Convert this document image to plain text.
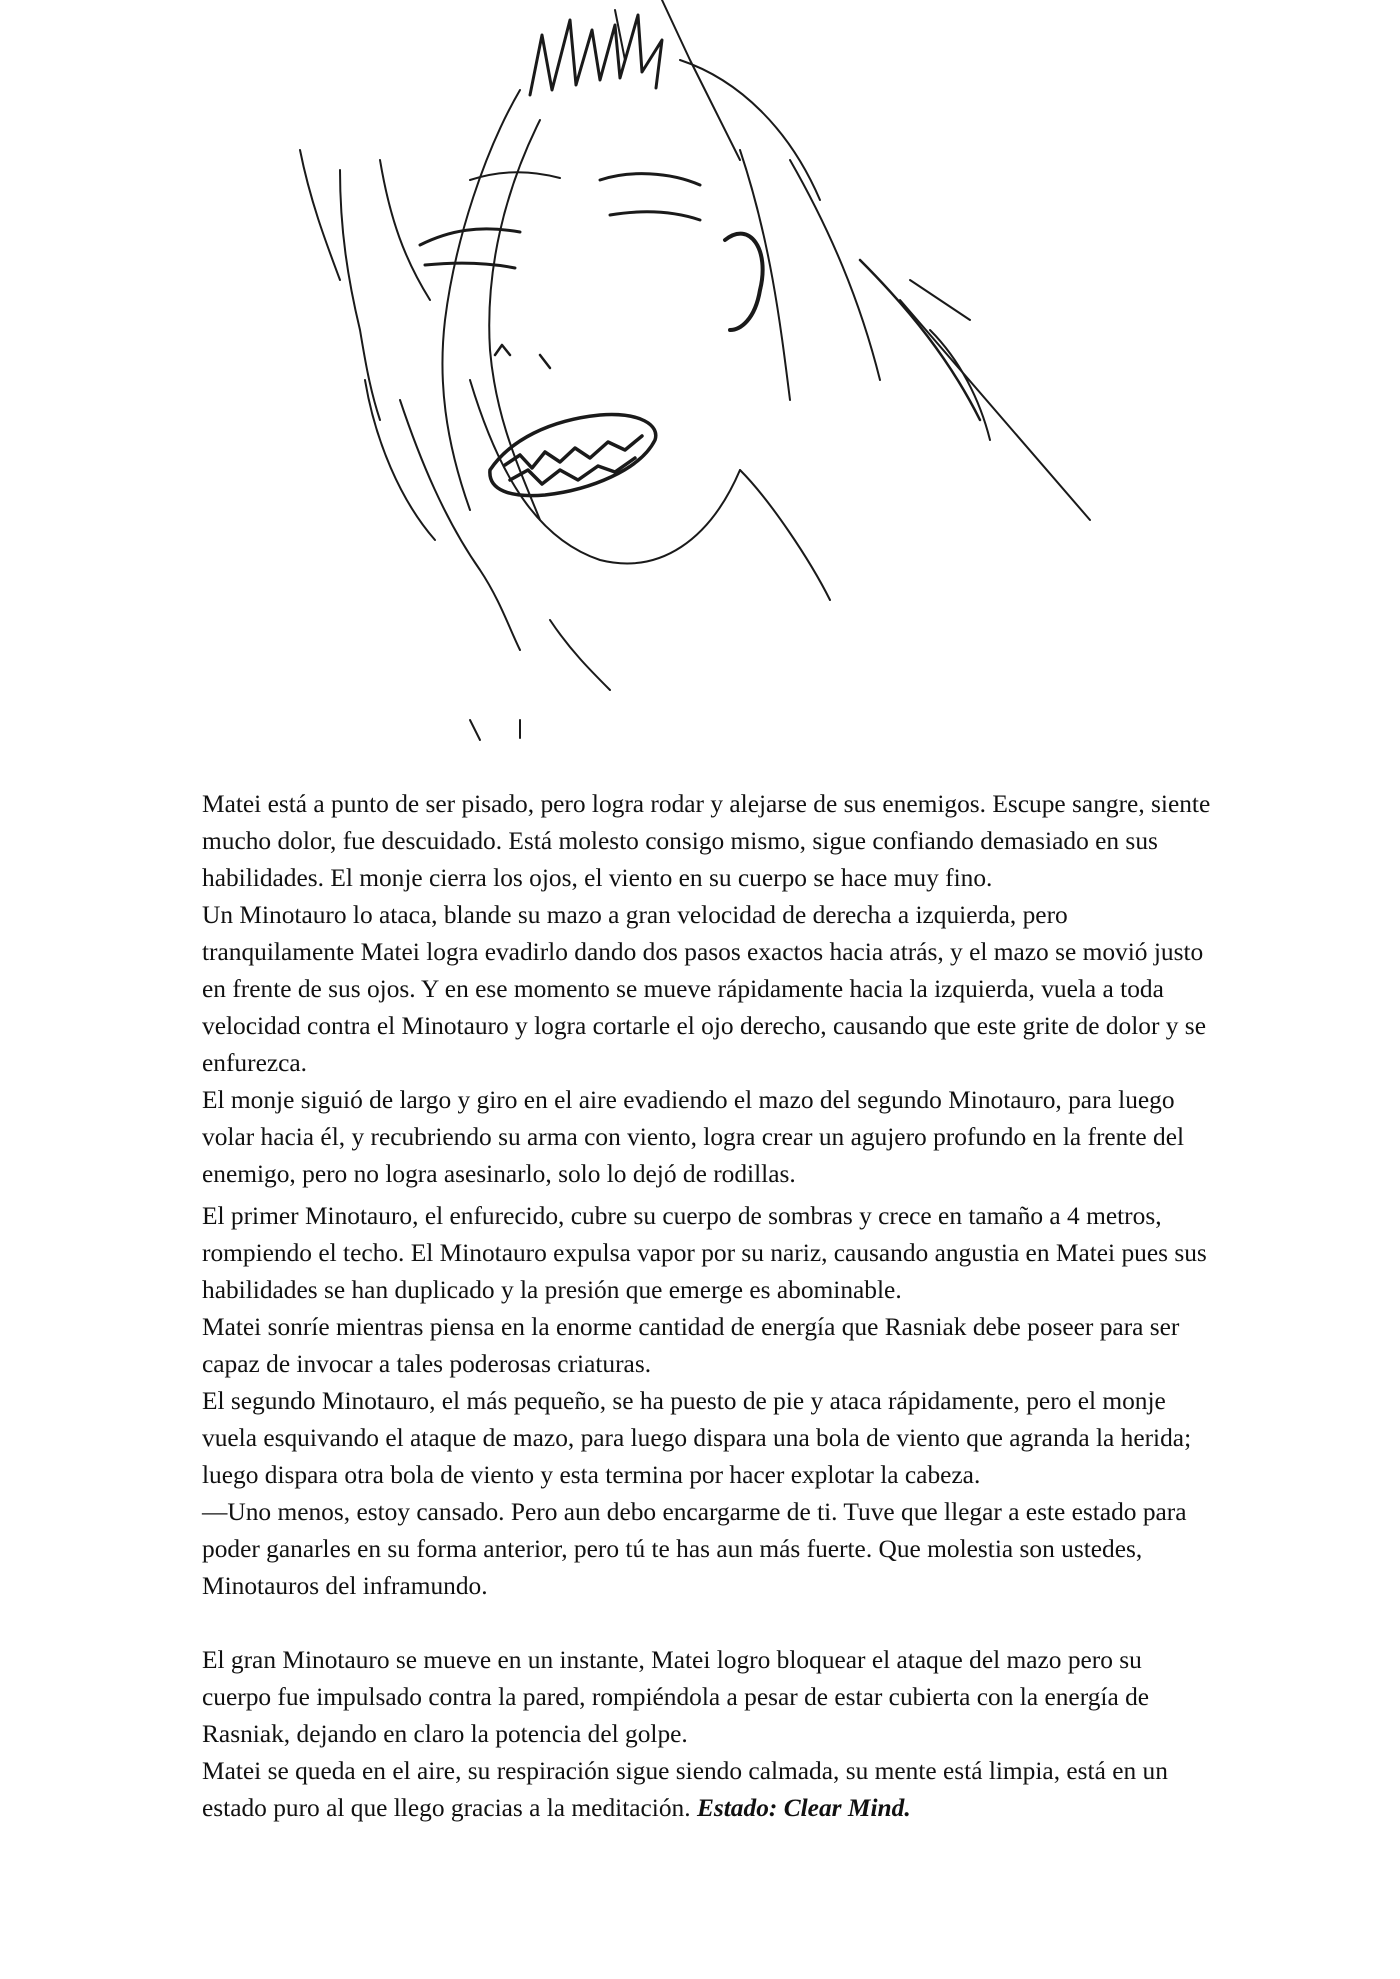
Matei está a punto de ser pisado, pero logra rodar y alejarse de sus enemigos. Escupe sangre, siente mucho dolor, fue descuidado. Está molesto consigo mismo, sigue confiando demasiado en sus habilidades. El monje cierra los ojos, el viento en su cuerpo se hace muy fino.

Un Minotauro lo ataca, blande su mazo a gran velocidad de derecha a izquierda, pero tranquilamente Matei logra evadirlo dando dos pasos exactos hacia atrás, y el mazo se movió justo en frente de sus ojos. Y en ese momento se mueve rápidamente hacia la izquierda, vuela a toda velocidad contra el Minotauro y logra cortarle el ojo derecho, causando que este grite de dolor y se enfurezca.

El monje siguió de largo y giro en el aire evadiendo el mazo del segundo Minotauro, para luego volar hacia él, y recubriendo su arma con viento, logra crear un agujero profundo en la frente del enemigo, pero no logra asesinarlo, solo lo dejó de rodillas.

El primer Minotauro, el enfurecido, cubre su cuerpo de sombras y crece en tamaño a 4 metros, rompiendo el techo. El Minotauro expulsa vapor por su nariz, causando angustia en Matei pues sus habilidades se han duplicado y la presión que emerge es abominable.

Matei sonríe mientras piensa en la enorme cantidad de energía que Rasniak debe poseer para ser capaz de invocar a tales poderosas criaturas.

El segundo Minotauro, el más pequeño, se ha puesto de pie y ataca rápidamente, pero el monje vuela esquivando el ataque de mazo, para luego dispara una bola de viento que agranda la herida; luego dispara otra bola de viento y esta termina por hacer explotar la cabeza.

—Uno menos, estoy cansado. Pero aun debo encargarme de ti. Tuve que llegar a este estado para poder ganarles en su forma anterior, pero tú te has aun más fuerte. Que molestia son ustedes, Minotauros del inframundo.

El gran Minotauro se mueve en un instante, Matei logro bloquear el ataque del mazo pero su cuerpo fue impulsado contra la pared, rompiéndola a pesar de estar cubierta con la energía de Rasniak, dejando en claro la potencia del golpe.

Matei se queda en el aire, su respiración sigue siendo calmada, su mente está limpia, está en un estado puro al que llego gracias a la meditación. Estado: Clear Mind.
